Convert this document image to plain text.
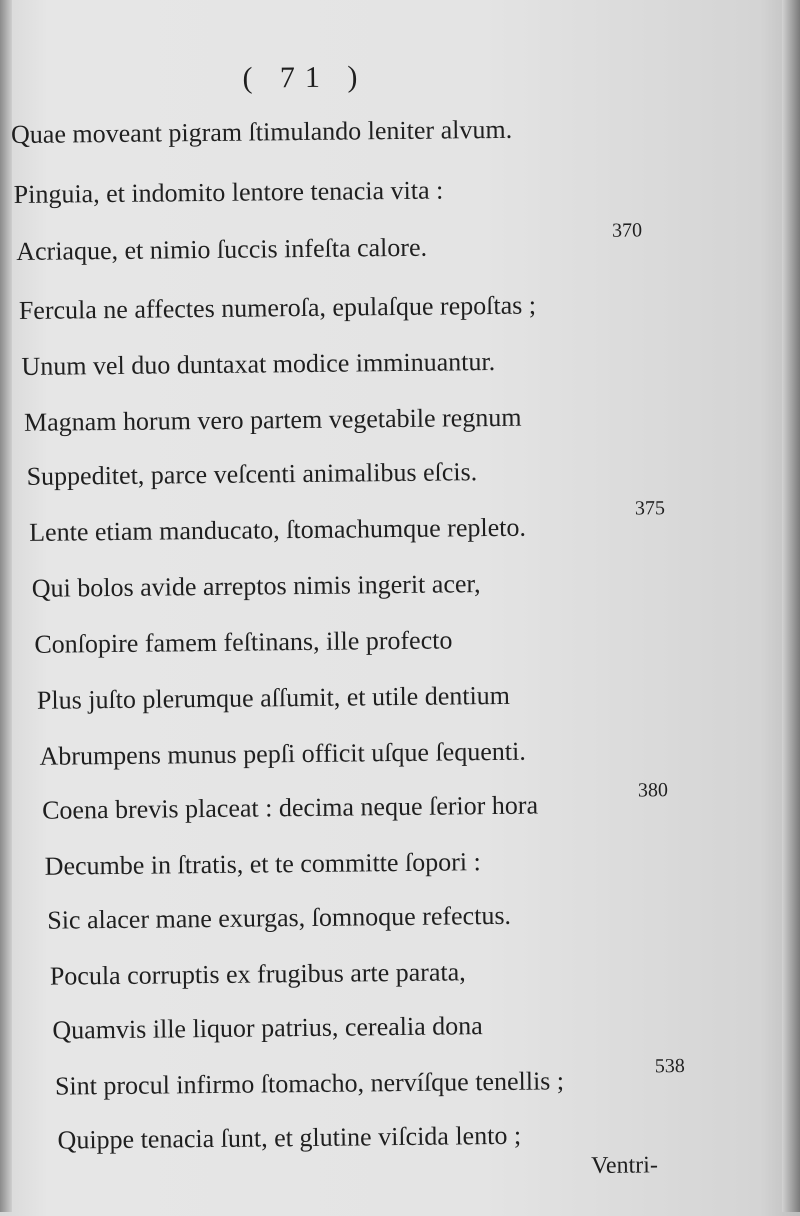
( 71 )
Quae moveant pigram ſtimulando leniter alvum.
Pinguia, et indomito lentore tenacia vita :
Acriaque, et nimio ſuccis infeſta calore.
370
Fercula ne affectes numeroſa, epulaſque repoſtas ;
Unum vel duo duntaxat modice imminuantur.
Magnam horum vero partem vegetabile regnum
Suppeditet, parce veſcenti animalibus eſcis.
Lente etiam manducato, ſtomachumque repleto.
375
Qui bolos avide arreptos nimis ingerit acer,
Conſopire famem feſtinans, ille profecto
Plus juſto plerumque aſſumit, et utile dentium
Abrumpens munus pepſi officit uſque ſequenti.
Coena brevis placeat : decima neque ſerior hora
380
Decumbe in ſtratis, et te committe ſopori :
Sic alacer mane exurgas, ſomnoque refectus.
Pocula corruptis ex frugibus arte parata,
Quamvis ille liquor patrius, cerealia dona
Sint procul infirmo ſtomacho, nervíſque tenellis ;
538
Quippe tenacia ſunt, et glutine viſcida lento ;
Ventri-
